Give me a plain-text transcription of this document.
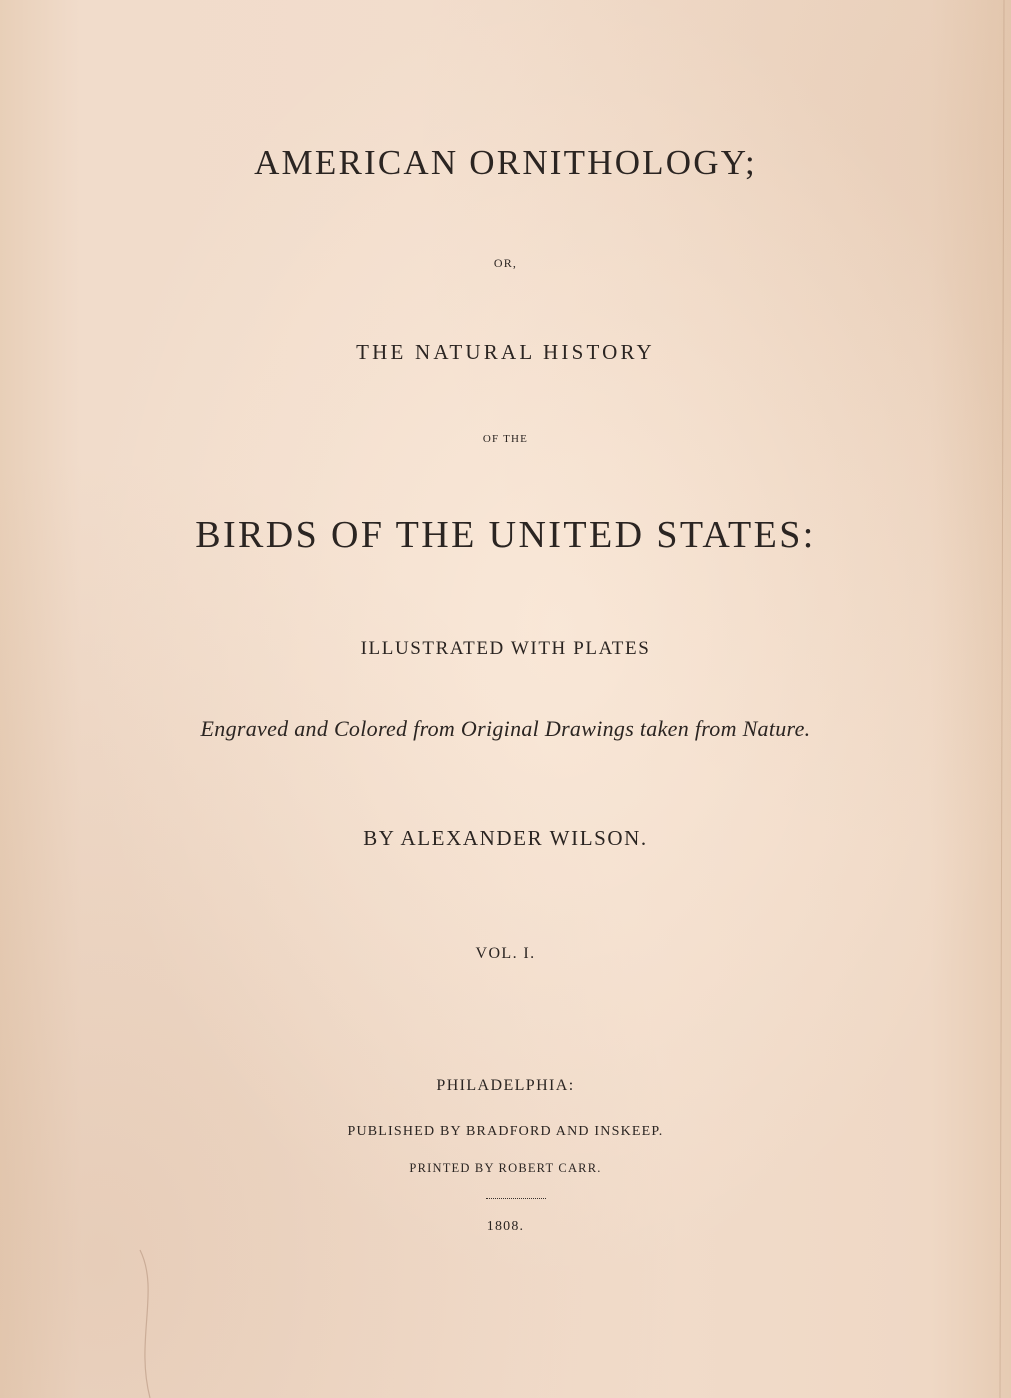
AMERICAN ORNITHOLOGY;
OR,
THE NATURAL HISTORY
OF THE
BIRDS OF THE UNITED STATES:
ILLUSTRATED WITH PLATES
Engraved and Colored from Original Drawings taken from Nature.
BY ALEXANDER WILSON.
VOL. I.
PHILADELPHIA:
PUBLISHED BY BRADFORD AND INSKEEP.
PRINTED BY ROBERT CARR.
1808.
